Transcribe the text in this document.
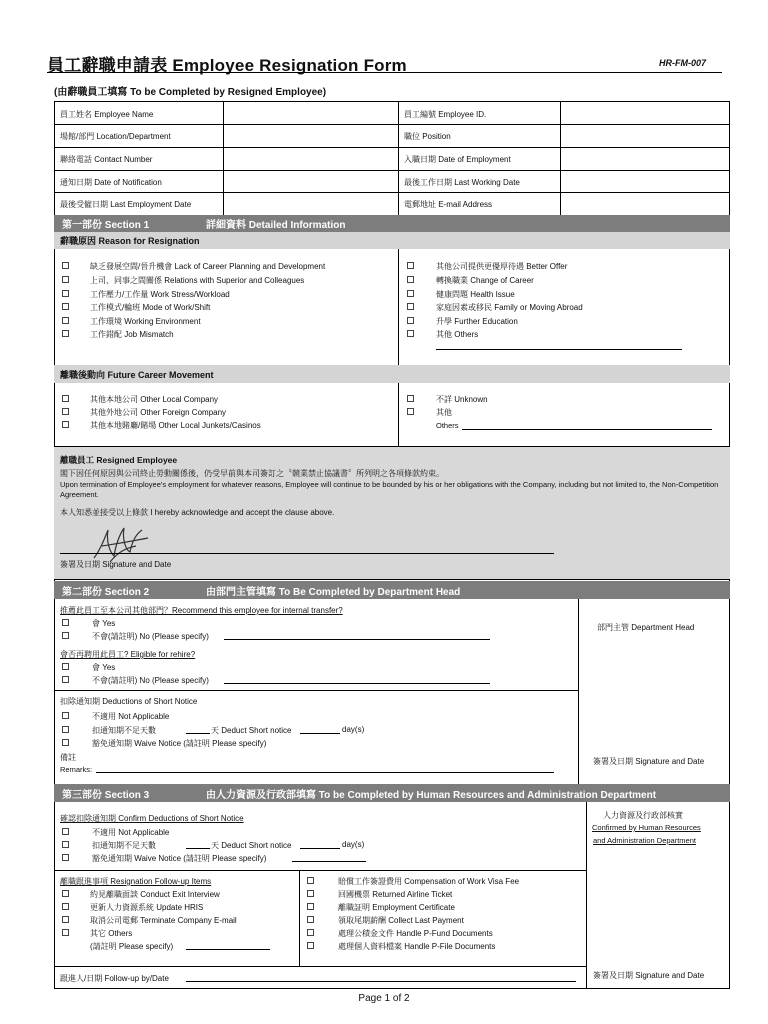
員工辭職申請表 Employee Resignation Form	HR-FM-007
(由辭職員工填寫 To be Completed by Resigned Employee)
員工姓名 Employee Name	員工編號 Employee ID.
場館/部門 Location/Department	職位 Position
聯絡電話 Contact Number	入職日期 Date of Employment
通知日期 Date of Notification	最後工作日期 Last Working Date
最後受僱日期 Last Employment Date	電郵地址 E-mail Address
第一部份 Section 1	詳細資料 Detailed Information
辭職原因 Reason for Resignation
缺乏發展空間/晉升機會 Lack of Career Planning and Development
上司、同事之間關係 Relations with Superior and Colleagues
工作壓力/工作量 Work Stress/Workload
工作模式/輪班 Mode of Work/Shift
工作環境 Working Environment
工作錯配 Job Mismatch
其他公司提供更優厚待遇 Better Offer
轉換職業 Change of Career
健康問題 Health Issue
家庭因素或移民 Family or Moving Abroad
升學 Further Education
其他 Others
離職後動向 Future Career Movement
其他本地公司 Other Local Company
其他外地公司 Other Foreign Company
其他本地賭廳/賭場 Other Local Junkets/Casinos
不詳 Unknown
其他
Others
離職員工 Resigned Employee
閣下因任何原因與公司終止勞動關係後，仍受早前與本司簽訂之〝競業禁止協議書〞所列明之各項條款約束。
Upon termination of Employee's employment for whatever reasons, Employee will continue to be bounded by his or her obligations with the Company, including but not limited to, the Non-Competition Agreement.
本人知悉並接受以上條款 I hereby acknowledge and accept the clause above.
簽署及日期 Signature and Date
第二部份 Section 2	由部門主管填寫 To Be Completed by Department Head
推薦此員工至本公司其他部門？Recommend this employee for internal transfer?
會 Yes
不會(請註明) No (Please specify)
會否再聘用此員工? Eligible for rehire?
會 Yes
不會(請註明) No (Please specify)
扣除通知期 Deductions of Short Notice
不適用 Not Applicable
扣通知期不足天數	天 Deduct Short notice	day(s)
豁免通知期 Waive Notice (請註明 Please specify)
備註
Remarks:
部門主管 Department Head
簽署及日期 Signature and Date
第三部份 Section 3	由人力資源及行政部填寫 To be Completed by Human Resources and Administration Department
確認扣除通知期 Confirm Deductions of Short Notice
不適用 Not Applicable
扣通知期不足天數	天 Deduct Short notice	day(s)
豁免通知期 Waive Notice (請註明 Please specify)
離職跟進事項 Resignation Follow-up Items
約見離職面談 Conduct Exit Interview
更新人力資源系統 Update HRIS
取消公司電郵 Terminate Company E-mail
其它 Others
(請註明 Please specify)
賠償工作簽證費用 Compensation of Work Visa Fee
回國機票 Returned Airline Ticket
離職証明 Employment Certificate
領取尾期薪酬 Collect Last Payment
處理公積金文件 Handle P-Fund Documents
處理個人資料檔案 Handle P-File Documents
跟進人/日期 Follow-up by/Date
人力資源及行政部核實
Confirmed by Human Resources
and Administration Department
簽署及日期 Signature and Date
Page 1 of 2
